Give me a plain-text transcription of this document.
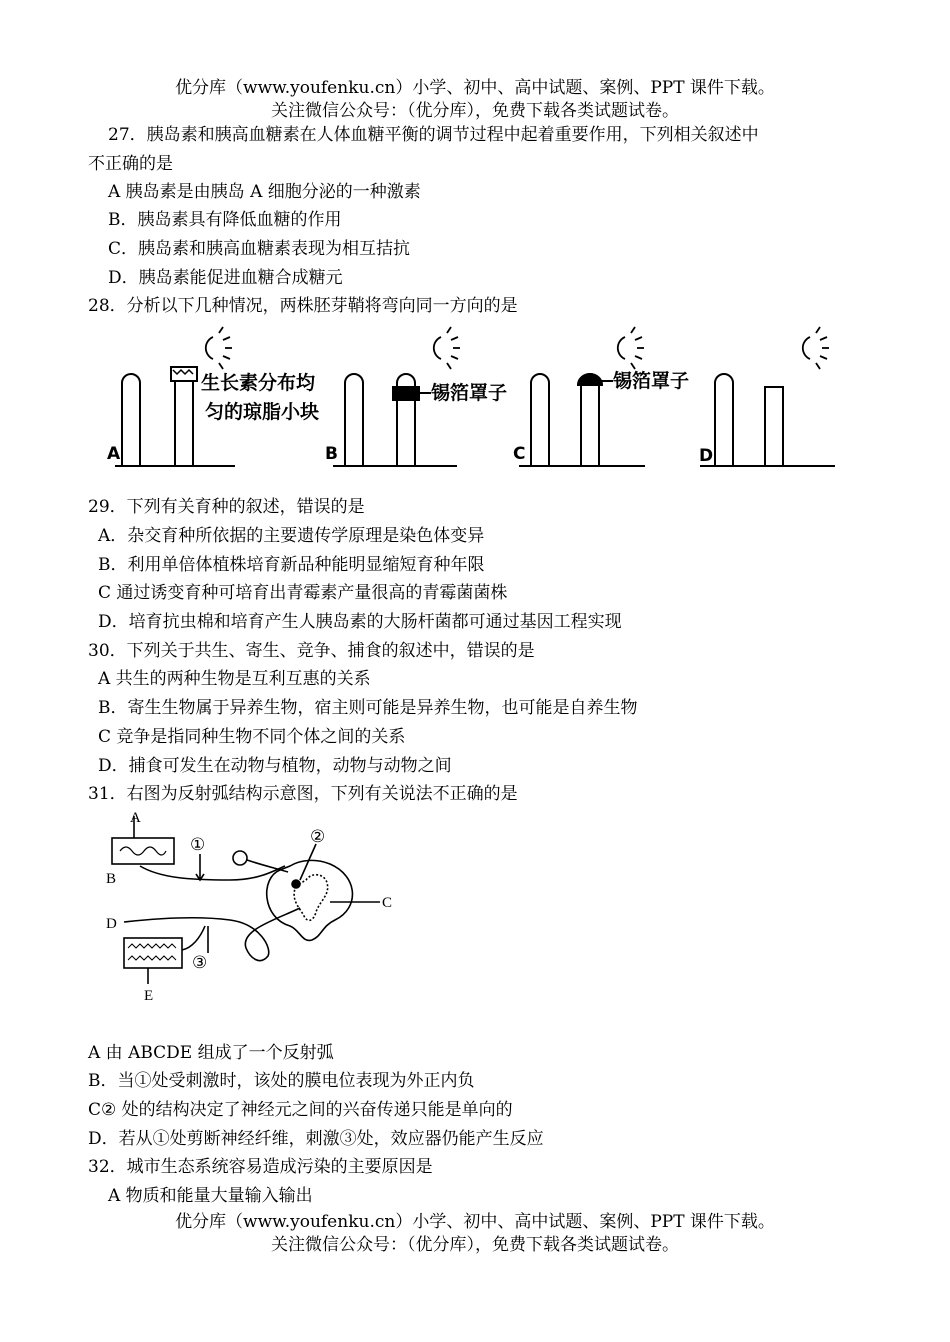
优分库（www.youfenku.cn）小学、初中、高中试题、案例、PPT 课件下载。
关注微信公众号：（优分库），免费下载各类试题试卷。
27．胰岛素和胰高血糖素在人体血糖平衡的调节过程中起着重要作用，下列相关叙述中
不正确的是
A 胰岛素是由胰岛 A 细胞分泌的一种激素
B．胰岛素具有降低血糖的作用
C．胰岛素和胰高血糖素表现为相互拮抗
D．胰岛素能促进血糖合成糖元
28．分析以下几种情况，两株胚芽鞘将弯向同一方向的是
A	B	C	D
生长素分布均
匀的琼脂小块
锡箔罩子
锡箔罩子
29．下列有关育种的叙述，错误的是
A．杂交育种所依据的主要遗传学原理是染色体变异
B．利用单倍体植株培育新品种能明显缩短育种年限
C 通过诱变育种可培育出青霉素产量很高的青霉菌菌株
D．培育抗虫棉和培育产生人胰岛素的大肠杆菌都可通过基因工程实现
30．下列关于共生、寄生、竞争、捕食的叙述中，错误的是
A 共生的两种生物是互利互惠的关系
B．寄生生物属于异养生物，宿主则可能是异养生物，也可能是自养生物
C 竞争是指同种生物不同个体之间的关系
D．捕食可发生在动物与植物，动物与动物之间
31．右图为反射弧结构示意图，下列有关说法不正确的是
A
B
C
D
E
①	②
③
A 由 ABCDE 组成了一个反射弧
B．当①处受刺激时，该处的膜电位表现为外正内负
C② 处的结构决定了神经元之间的兴奋传递只能是单向的
D．若从①处剪断神经纤维，刺激③处，效应器仍能产生反应
32．城市生态系统容易造成污染的主要原因是
A 物质和能量大量输入输出
优分库（www.youfenku.cn）小学、初中、高中试题、案例、PPT 课件下载。
关注微信公众号：（优分库），免费下载各类试题试卷。
